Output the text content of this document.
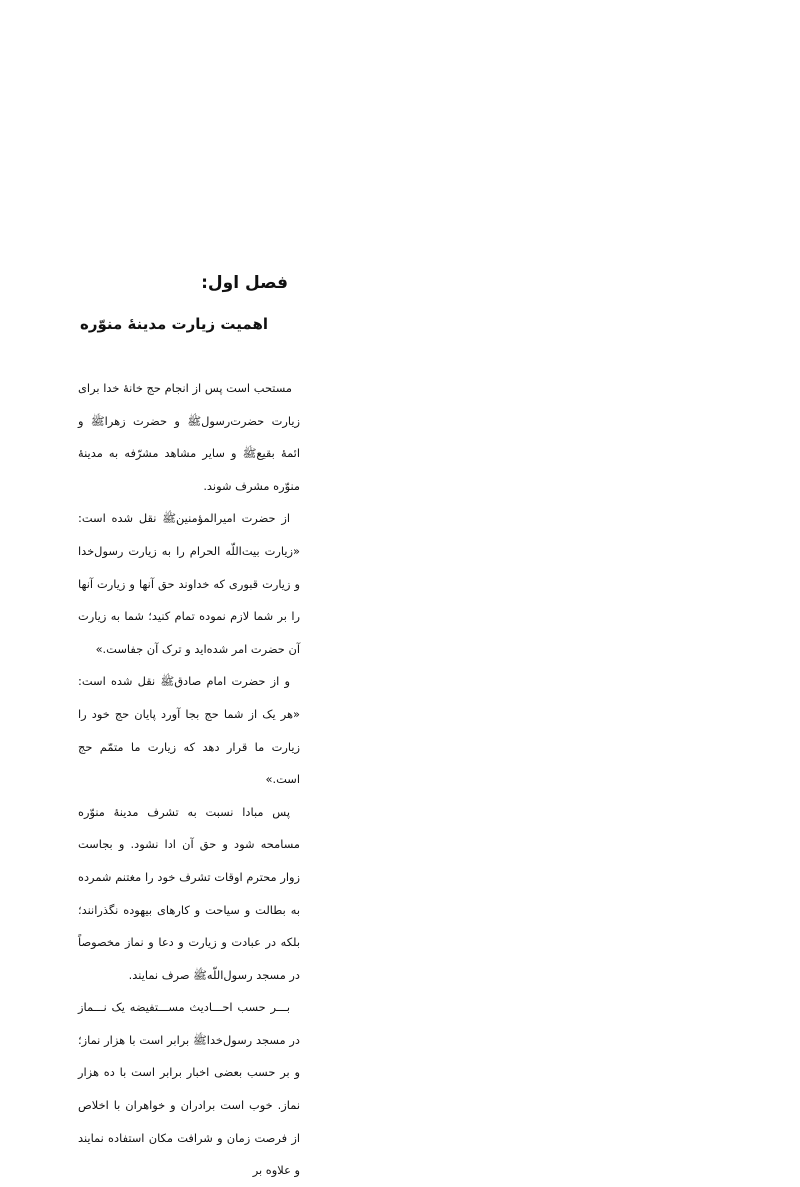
فصل اول:
اهمیت زیارت مدینهٔ منوّره

مستحب است پس از انجام حج خانهٔ خدا برای زیارت حضرت‌رسول‌ﷺ و حضرت زهراﷺ و ائمهٔ بقیعﷺ و سایر مشاهد مشرّفه به مدینهٔ منوّره مشرف شوند.

از حضرت امیرالمؤمنینﷺ نقل شده است: «زیارت بیت‌اللّه الحرام را به زیارت رسول‌خدا و زیارت قبوری که خداوند حق آنها و زیارت آنها را بر شما لازم نموده تمام کنید؛ شما به زیارت آن حضرت امر شده‌اید و ترک آن جفاست.»

و از حضرت امام صادقﷺ نقل شده است: «هر یک از شما حج بجا آورد پایان حج خود را زیارت ما قرار دهد که زیارت ما متمّم حج است.»

پس مبادا نسبت به تشرف مدینهٔ منوّره مسامحه شود و حق آن ادا نشود. و بجاست زوار محترم اوقات تشرف خود را مغتنم شمرده به بطالت و سیاحت و کارهای بیهوده نگذرانند؛ بلکه در عبادت و زیارت و دعا و نماز مخصوصاً در مسجد رسول‌اللّهﷺ صرف نمایند.

بـــر حسب احـــادیث مســـتفیضه یک نـــماز در مسجد رسول‌خداﷺ برابر است با هزار نماز؛ و بر حسب بعضی اخبار برابر است با ده هزار نماز. خوب است برادران و خواهران با اخلاص از فرصت زمان و شرافت مکان استفاده نمایند و علاوه بر
